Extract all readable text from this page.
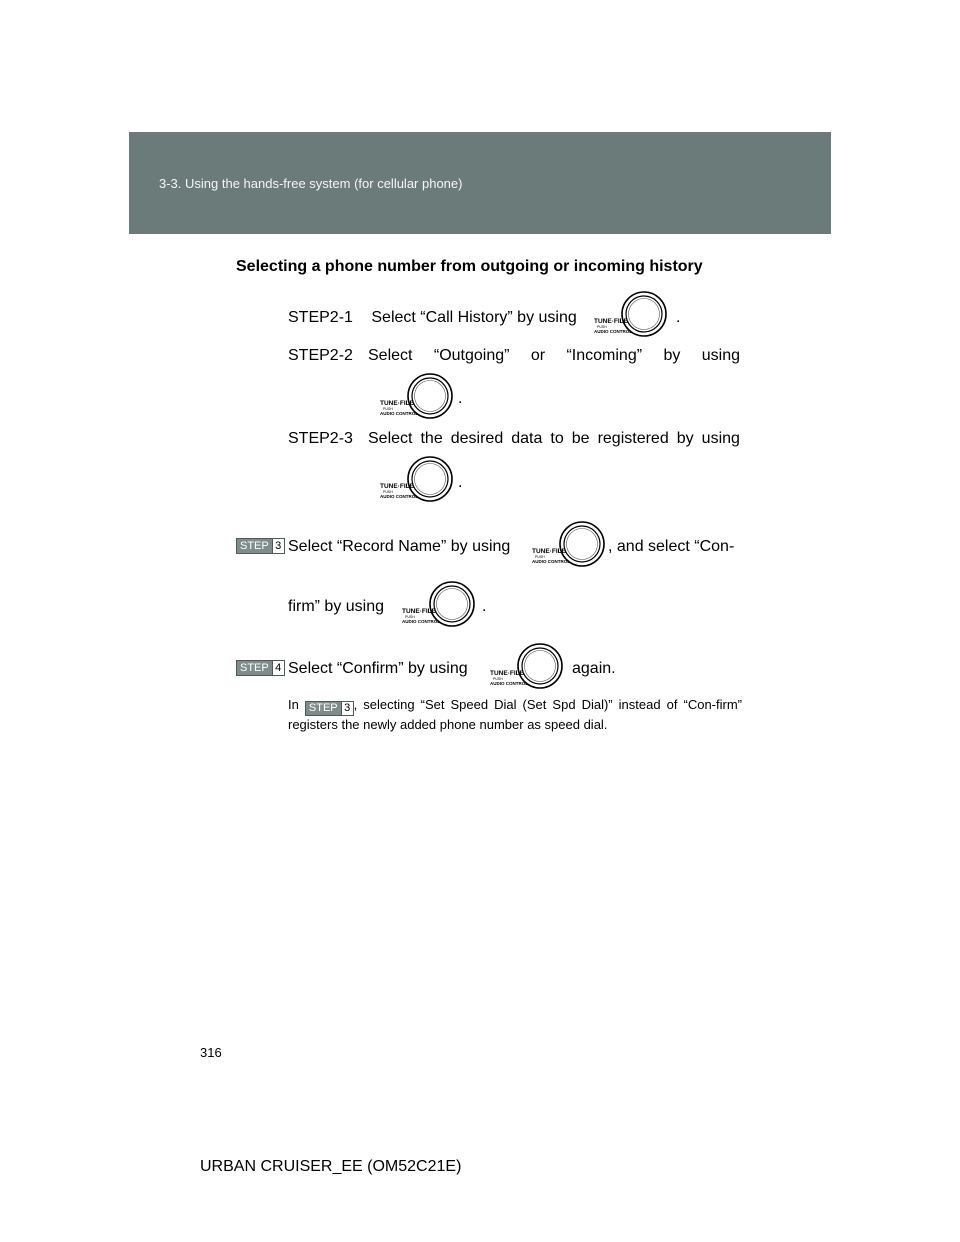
3-3. Using the hands-free system (for cellular phone)
Selecting a phone number from outgoing or incoming history
STEP2-1 Select “Call History” by using	TUNE·FILE
PUSH
AUDIO CONTROL
.
STEP2-2 Select “Outgoing” or “Incoming” by using
TUNE·FILE
PUSH
AUDIO CONTROL
.
STEP2-3 Select the desired data to be registered by using
TUNE·FILE
PUSH
AUDIO CONTROL
.
STEP 3 Select “Record Name” by using	TUNE·FILE
PUSH
AUDIO CONTROL
, and select “Con-
firm” by using	TUNE·FILE
PUSH
AUDIO CONTROL
.
STEP 4 Select “Confirm” by using	TUNE·FILE
PUSH
AUDIO CONTROL
again.
In STEP 3 , selecting “Set Speed Dial (Set Spd Dial)” instead of “Con-firm” registers the newly added phone number as speed dial.
316
URBAN CRUISER_EE (OM52C21E)
